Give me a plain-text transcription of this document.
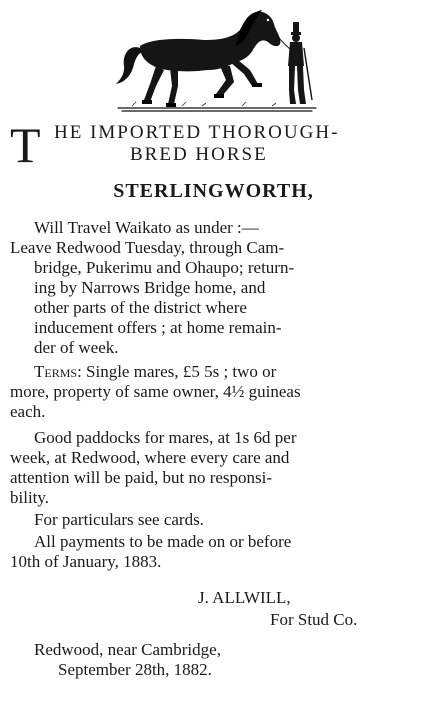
T HE IMPORTED THOROUGH-
BRED HORSE
STERLINGWORTH,
Will Travel Waikato as under :—
Leave Redwood Tuesday, through Cam-
bridge, Pukerimu and Ohaupo; return-
ing by Narrows Bridge home, and
other parts of the district where
inducement offers ; at home remain-
der of week.
Terms: Single mares, £5 5s ; two or
more, property of same owner, 4½ guineas
each.
Good paddocks for mares, at 1s 6d per
week, at Redwood, where every care and
attention will be paid, but no responsi-
bility.
For particulars see cards.
All payments to be made on or before
10th of January, 1883.
J. ALLWILL,
For Stud Co.
Redwood, near Cambridge,
September 28th, 1882.
